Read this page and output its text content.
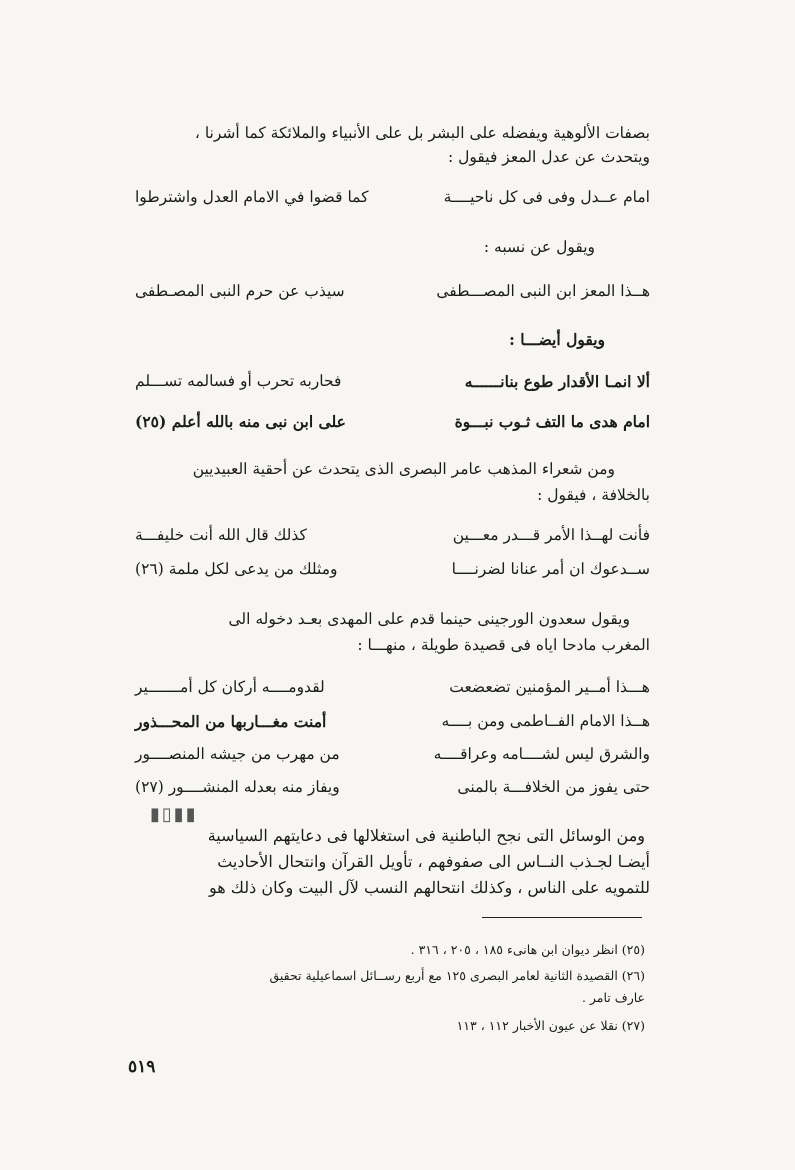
بصفات الألوهية ويفضله على البشر بل على الأنبياء والملائكة كما أشرنا ،
ويتحدث عن عدل المعز فيقول :
امام عــدل وفى فى كل ناحيــــة
كما قضوا في الامام العدل واشترطوا
ويقول عن نسبه :
هــذا المعز ابن النبى المصـــطفى
سيذب عن حرم النبى المصـطفى
ويقول أيضـــا :
ألا انمـا الأقدار طوع بنانــــــه
فحاربه تحرب أو فسالمه تســـلم
امام هدى ما التف ثـوب نبـــوة
على ابن نبى منه بالله أعلم (٢٥)
ومن شعراء المذهب عامر البصرى الذى يتحدث عن أحقية العبيديين
بالخلافة ، فيقول :
فأنت لهــذا الأمر قـــدر معـــين
كذلك قال الله أنت خليفـــة
ســدعوك ان أمر عنانا لضرنــــا
ومثلك من يدعى لكل ملمة (٢٦)
ويقول سعدون الورجينى حينما قدم على المهدى بعـد دخوله الى
المغرب مادحا اياه فى قصيدة طويلة ، منهـــا :
هـــذا أمــير المؤمنين تضعضعت
لقدومــــه أركان كل أمـــــــير
هــذا الامام الفــاطمى ومن بــــه
أمنت مغـــاربها من المحـــذور
والشرق ليس لشــــامه وعراقــــه
من مهرب من جيشه المنصــــور
حتى يفوز من الخلافـــة بالمنى
ويفاز منه بعدله المنشــــور (٢٧)
▮▯▮▮
ومن الوسائل التى نجح الباطنية فى استغلالها فى دعايتهم السياسية
أيضـا لجـذب النــاس الى صفوفهم ، تأويل القرآن وانتحال الأحاديث
للتمويه على الناس ، وكذلك انتحالهم النسب لآل البيت وكان ذلك هو
(٢٥) انظر ديوان ابن هانىء ١٨٥ ، ٢٠٥ ، ٣١٦ .
(٢٦) القصيدة الثانية لعامر البصرى ١٢٥ مع أربع رســائل اسماعيلية تحقيق
عارف تامر .
(٢٧) نقلا عن عيون الأخبار ١١٢ ، ١١٣
٥١٩
